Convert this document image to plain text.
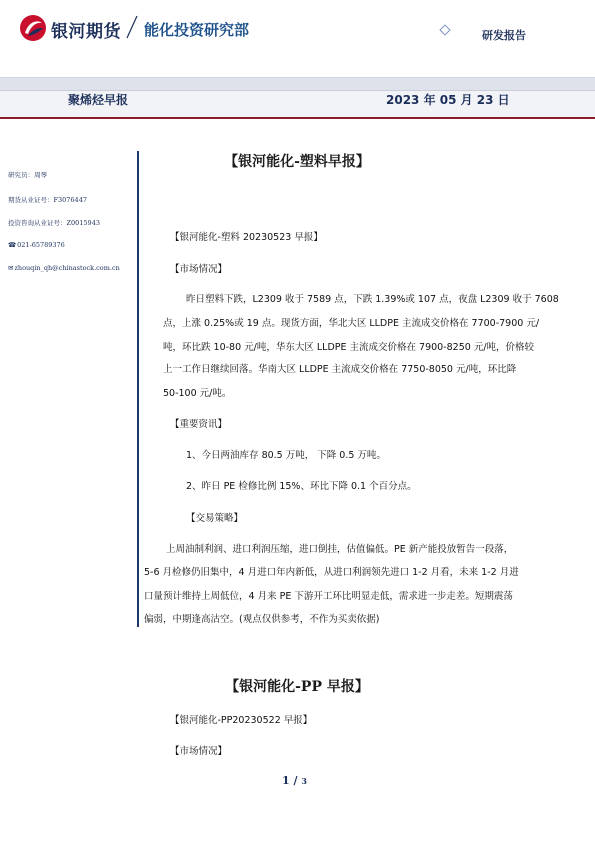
银河期货 能化投资研究部	研发报告
聚烯烃早报	2023 年 05 月 23 日
研究员：周琴
期货从业证号：F3076447
投资咨询从业证号：Z0015943
☎021-65789376
✉zhouqin_qh@chinastock.com.cn
【银河能化-塑料早报】
【银河能化-塑料 20230523 早报】
【市场情况】
昨日塑料下跌，L2309 收于 7589 点，下跌 1.39%或 107 点，夜盘 L2309 收于 7608
点，上涨 0.25%或 19 点。现货方面，华北大区 LLDPE 主流成交价格在 7700-7900 元/
吨，环比跌 10-80 元/吨，华东大区 LLDPE 主流成交价格在 7900-8250 元/吨，价格较
上一工作日继续回落。华南大区 LLDPE 主流成交价格在 7750-8050 元/吨，环比降
50-100 元/吨。
【重要资讯】
1、今日两油库存 80.5 万吨， 下降 0.5 万吨。
2、昨日 PE 检修比例 15%、环比下降 0.1 个百分点。
【交易策略】
上周油制利润、进口利润压缩，进口倒挂，估值偏低。PE 新产能投放暂告一段落，
5-6 月检修仍旧集中，4 月进口年内新低，从进口利润领先进口 1-2 月看，未来 1-2 月进
口量预计维持上周低位，4 月来 PE 下游开工环比明显走低，需求进一步走差。短期震荡
偏弱，中期逢高沽空。(观点仅供参考，不作为买卖依据)
【银河能化-PP 早报】
【银河能化-PP20230522 早报】
【市场情况】
1 / 3
